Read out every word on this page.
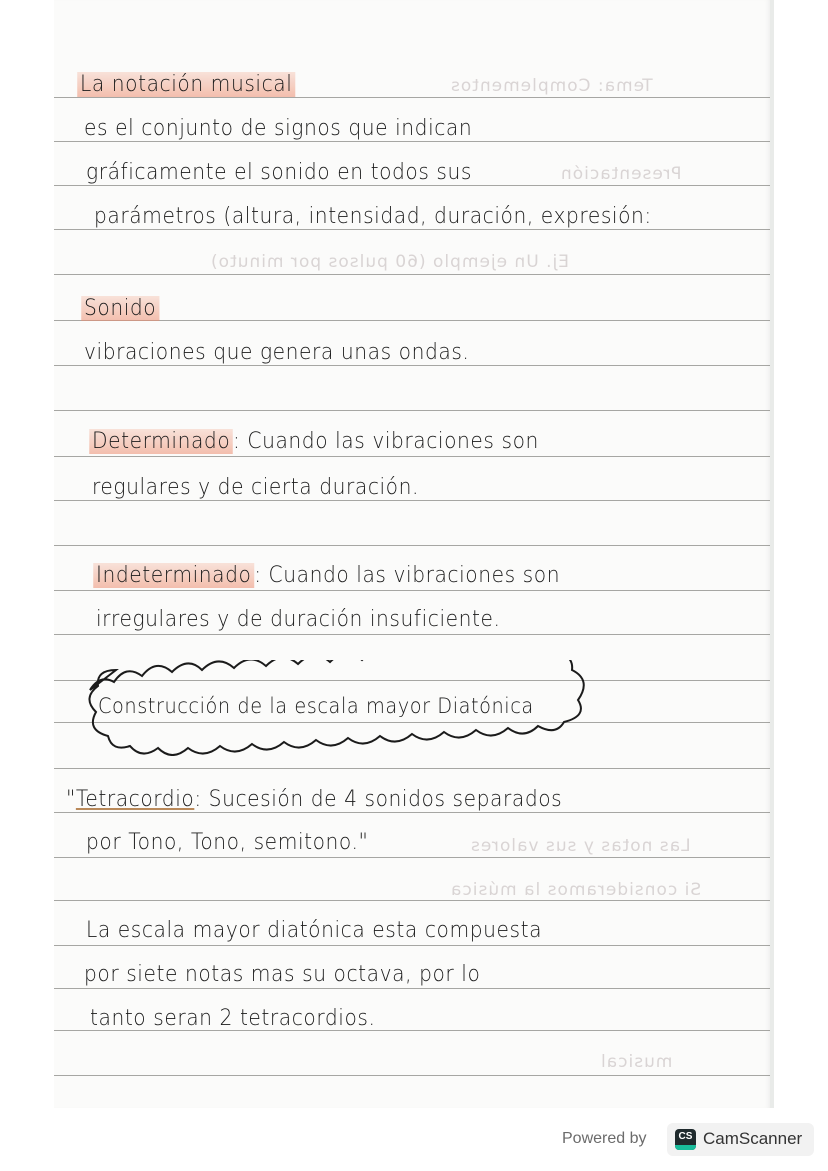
Tema: Complementos
Presentación
Ej. Un ejemplo (60 pulsos por minuto)
Las notas y sus valores
Si consideramos la música
musical
La notación musical
es el conjunto de signos que indican
gráficamente el sonido en todos sus
parámetros (altura, intensidad, duración, expresión:
Sonido
vibraciones que genera unas ondas.
Determinado : Cuando las vibraciones son
regulares y de cierta duración.
Indeterminado : Cuando las vibraciones son
irregulares y de duración insuficiente.
Construcción de la escala mayor Diatónica
"Tetracordio: Sucesión de 4 sonidos separados
por Tono, Tono, semitono."
La escala mayor diatónica esta compuesta
por siete notas mas su octava, por lo
tanto seran 2 tetracordios.
Powered by	CS CamScanner
